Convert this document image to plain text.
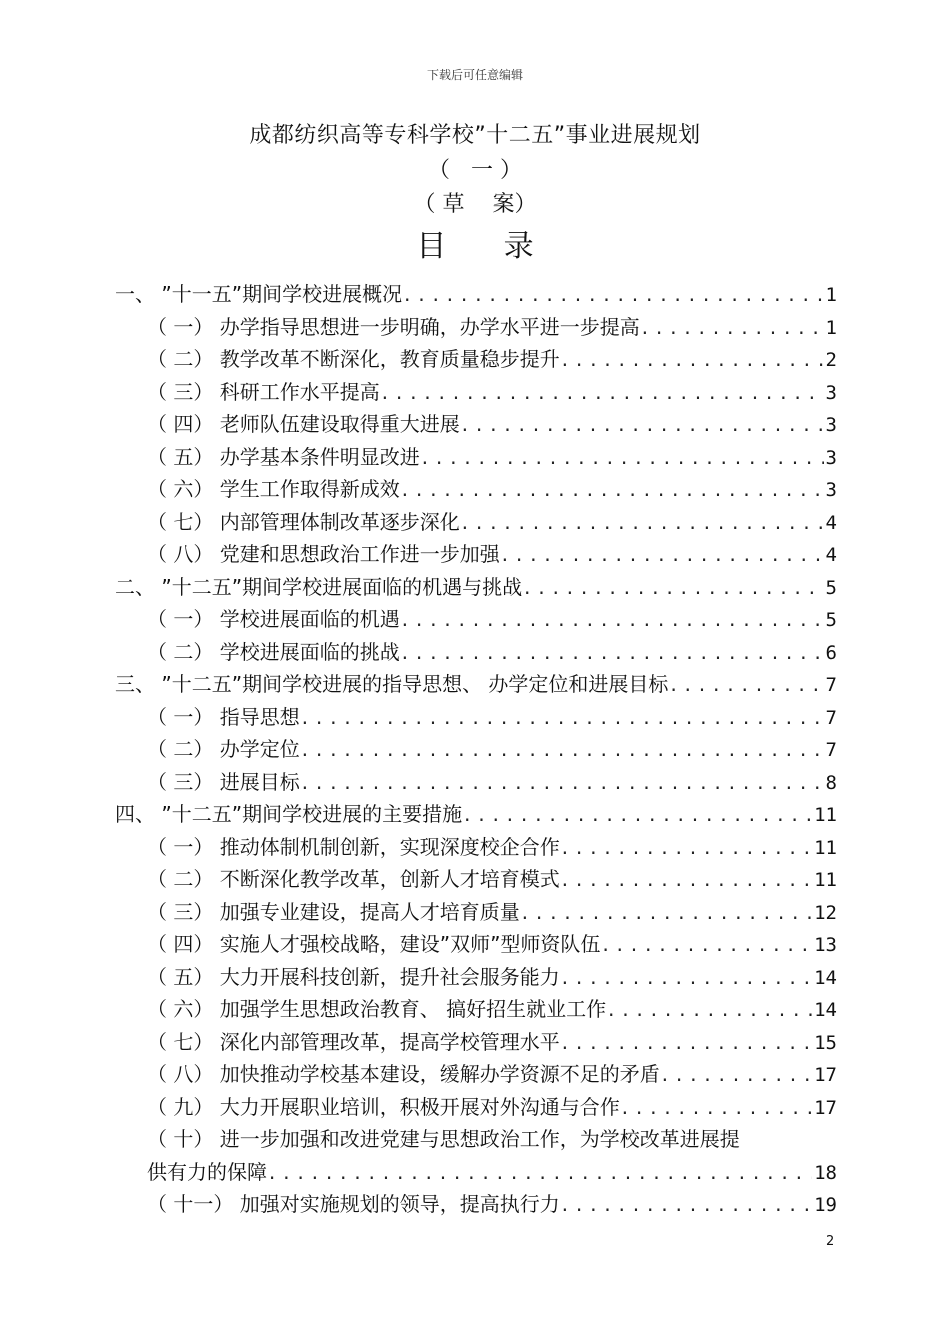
下载后可任意编辑
成都纺织高等专科学校”十二五”事业进展规划
（   一 ）
（ 草    案）
目      录
一、 ”十一五”期间学校进展概况 .....	1
（ 一） 办学指导思想进一步明确，办学水平进一步提高 .....	1
（ 二） 教学改革不断深化，教育质量稳步提升 .....	2
（ 三） 科研工作水平提高 .....	3
（ 四） 老师队伍建设取得重大进展 .....	3
（ 五） 办学基本条件明显改进 .....	3
（ 六） 学生工作取得新成效 .....	3
（ 七） 内部管理体制改革逐步深化 .....	4
（ 八） 党建和思想政治工作进一步加强 .....	4
二、 ”十二五”期间学校进展面临的机遇与挑战 .....	5
（ 一） 学校进展面临的机遇 .....	5
（ 二） 学校进展面临的挑战 .....	6
三、 ”十二五”期间学校进展的指导思想、 办学定位和进展目标 .....	7
（ 一） 指导思想 .....	7
（ 二） 办学定位 .....	7
（ 三） 进展目标 .....	8
四、 ”十二五”期间学校进展的主要措施 .....	11
（ 一） 推动体制机制创新，实现深度校企合作 .....	11
（ 二） 不断深化教学改革，创新人才培育模式 .....	11
（ 三） 加强专业建设，提高人才培育质量 .....	12
（ 四） 实施人才强校战略，建设”双师”型师资队伍 .....	13
（ 五） 大力开展科技创新，提升社会服务能力 .....	14
（ 六） 加强学生思想政治教育、 搞好招生就业工作 .....	14
（ 七） 深化内部管理改革，提高学校管理水平 .....	15
（ 八） 加快推动学校基本建设，缓解办学资源不足的矛盾 .....	17
（ 九） 大力开展职业培训，积极开展对外沟通与合作 .....	17
（ 十） 进一步加强和改进党建与思想政治工作，为学校改革进展提
供有力的保障 .....	18
（ 十一） 加强对实施规划的领导，提高执行力 .....	19
2
